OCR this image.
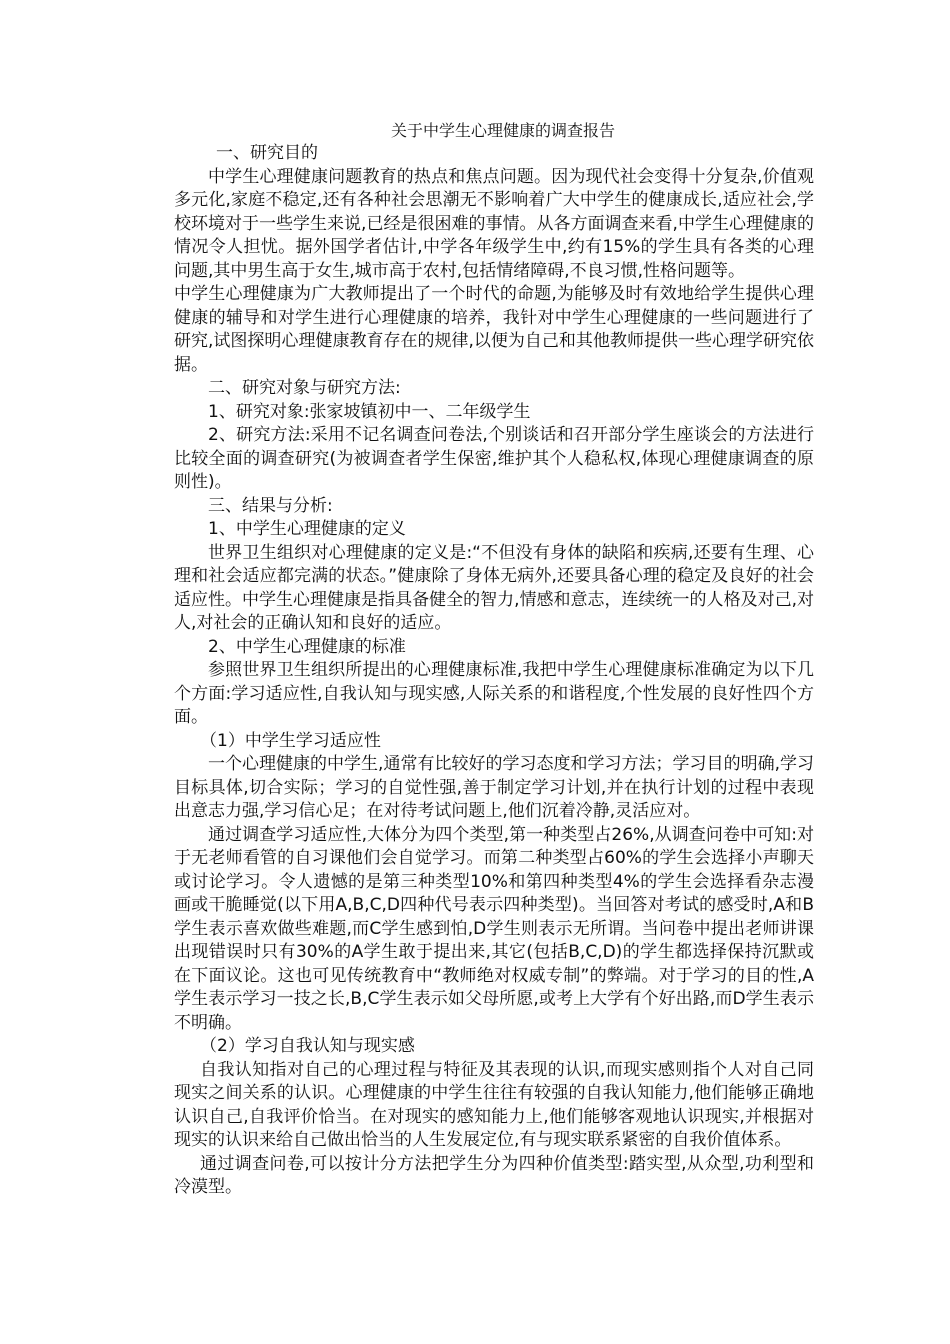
关于中学生心理健康的调查报告

一、研究目的

中学生心理健康问题教育的热点和焦点问题。因为现代社会变得十分复杂,价值观多元化,家庭不稳定,还有各种社会思潮无不影响着广大中学生的健康成长,适应社会,学校环境对于一些学生来说,已经是很困难的事情。从各方面调查来看,中学生心理健康的情况令人担忧。据外国学者估计,中学各年级学生中,约有15%的学生具有各类的心理问题,其中男生高于女生,城市高于农村,包括情绪障碍,不良习惯,性格问题等。

中学生心理健康为广大教师提出了一个时代的命题,为能够及时有效地给学生提供心理健康的辅导和对学生进行心理健康的培养，我针对中学生心理健康的一些问题进行了研究,试图探明心理健康教育存在的规律,以便为自己和其他教师提供一些心理学研究依据。

二、研究对象与研究方法:

1、研究对象:张家坡镇初中一、二年级学生

2、研究方法:采用不记名调查问卷法,个别谈话和召开部分学生座谈会的方法进行比较全面的调查研究(为被调查者学生保密,维护其个人稳私权,体现心理健康调查的原则性)。

三、结果与分析:

1、中学生心理健康的定义

世界卫生组织对心理健康的定义是:“不但没有身体的缺陷和疾病,还要有生理、心理和社会适应都完满的状态。”健康除了身体无病外,还要具备心理的稳定及良好的社会适应性。中学生心理健康是指具备健全的智力,情感和意志，连续统一的人格及对己,对人,对社会的正确认知和良好的适应。

2、中学生心理健康的标准

参照世界卫生组织所提出的心理健康标准,我把中学生心理健康标准确定为以下几个方面:学习适应性,自我认知与现实感,人际关系的和谐程度,个性发展的良好性四个方面。

（1）中学生学习适应性

一个心理健康的中学生,通常有比较好的学习态度和学习方法；学习目的明确,学习目标具体,切合实际；学习的自觉性强,善于制定学习计划,并在执行计划的过程中表现出意志力强,学习信心足；在对待考试问题上,他们沉着冷静,灵活应对。

通过调查学习适应性,大体分为四个类型,第一种类型占26%,从调查问卷中可知:对于无老师看管的自习课他们会自觉学习。而第二种类型占60%的学生会选择小声聊天或讨论学习。令人遗憾的是第三种类型10%和第四种类型4%的学生会选择看杂志漫画或干脆睡觉(以下用A,B,C,D四种代号表示四种类型)。当回答对考试的感受时,A和B学生表示喜欢做些难题,而C学生感到怕,D学生则表示无所谓。当问卷中提出老师讲课出现错误时只有30%的A学生敢于提出来,其它(包括B,C,D)的学生都选择保持沉默或在下面议论。这也可见传统教育中“教师绝对权威专制”的弊端。对于学习的目的性,A学生表示学习一技之长,B,C学生表示如父母所愿,或考上大学有个好出路,而D学生表示不明确。

（2）学习自我认知与现实感

自我认知指对自己的心理过程与特征及其表现的认识,而现实感则指个人对自己同现实之间关系的认识。心理健康的中学生往往有较强的自我认知能力,他们能够正确地认识自己,自我评价恰当。在对现实的感知能力上,他们能够客观地认识现实,并根据对现实的认识来给自己做出恰当的人生发展定位,有与现实联系紧密的自我价值体系。

通过调查问卷,可以按计分方法把学生分为四种价值类型:踏实型,从众型,功利型和冷漠型。
